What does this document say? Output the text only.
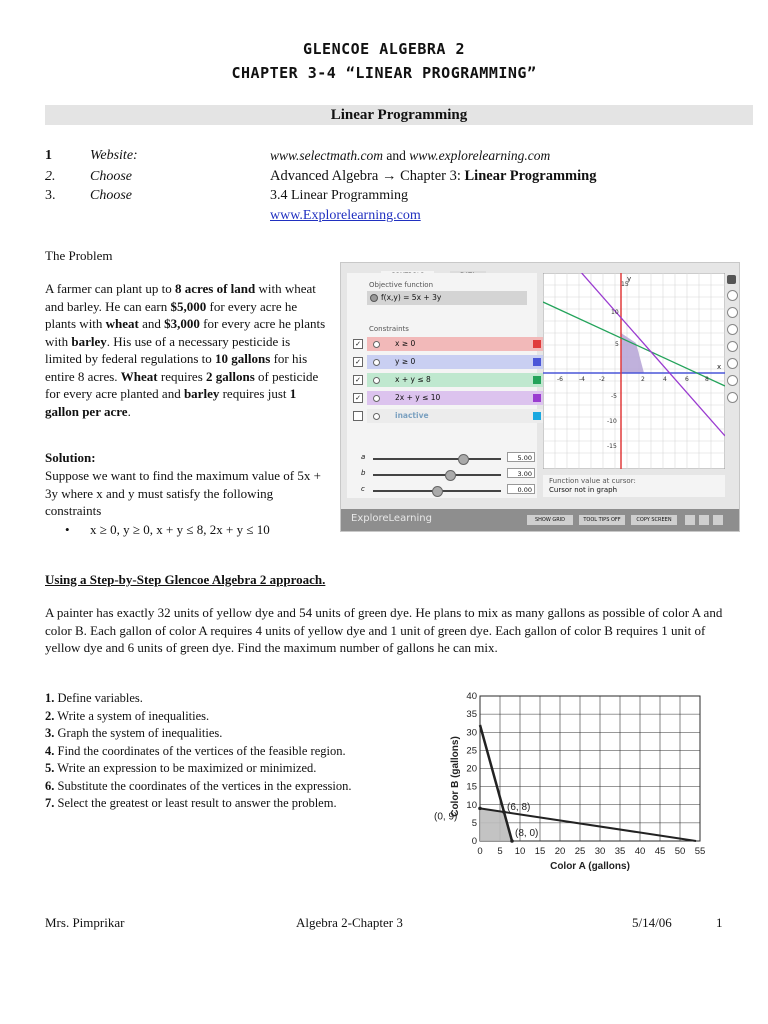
GLENCOE ALGEBRA 2
CHAPTER 3-4 “LINEAR PROGRAMMING”
Linear Programming
1	Website:	www.selectmath.com and www.explorelearning.com
2. Choose	Advanced Algebra → Chapter 3: Linear Programming
3. Choose	3.4 Linear Programming
www.Explorelearning.com
The Problem
A farmer can plant up to 8 acres of land with wheat and barley. He can earn $5,000 for every acre he plants with wheat and $3,000 for every acre he plants with barley. His use of a necessary pesticide is limited by federal regulations to 10 gallons for his entire 8 acres. Wheat requires 2 gallons of pesticide for every acre planted and barley requires just 1 gallon per acre.
Solution:
Suppose we want to find the maximum value of 5x + 3y where x and y must satisfy the following constraints
• x ≥ 0, y ≥ 0, x + y ≤ 8, 2x + y ≤ 10

Objective function
f(x,y) = 5x + 3y
Constraints
✓	x ≥ 0
✓	y ≥ 0
✓	x + y ≤ 8
✓	2x + y ≤ 10
inactive
a	5.00
b	3.00
c	0.00
15
10
5
-5
-10
-15
-6	-4 -2	2	4	6	8
y
x
Function value at cursor:
Cursor not in graph
ExploreLearning	SHOW GRID	TOOL TIPS OFF	COPY SCREEN
Using a Step-by-Step Glencoe Algebra 2 approach.
A painter has exactly 32 units of yellow dye and 54 units of green dye. He plans to mix as many gallons as possible of color A and color B. Each gallon of color A requires 4 units of yellow dye and 1 unit of green dye. Each gallon of color B requires 1 unit of yellow dye and 6 units of green dye. Find the maximum number of gallons he can mix.
1. Define variables.
2. Write a system of inequalities.
3. Graph the system of inequalities.
4. Find the coordinates of the vertices of the feasible region.
5. Write an expression to be maximized or minimized.
6. Substitute the coordinates of the vertices in the expression.
7. Select the greatest or least result to answer the problem.
0 5 10 15 20 25 30 35 40 45 50 55
0
5
10
15
20
25
30
35
40
(6, 8)
(0, 9)
(8, 0)
Color A (gallons)
Color B (gallons)
Mrs. Pimprikar	Algebra 2-Chapter 3	5/14/06	1
